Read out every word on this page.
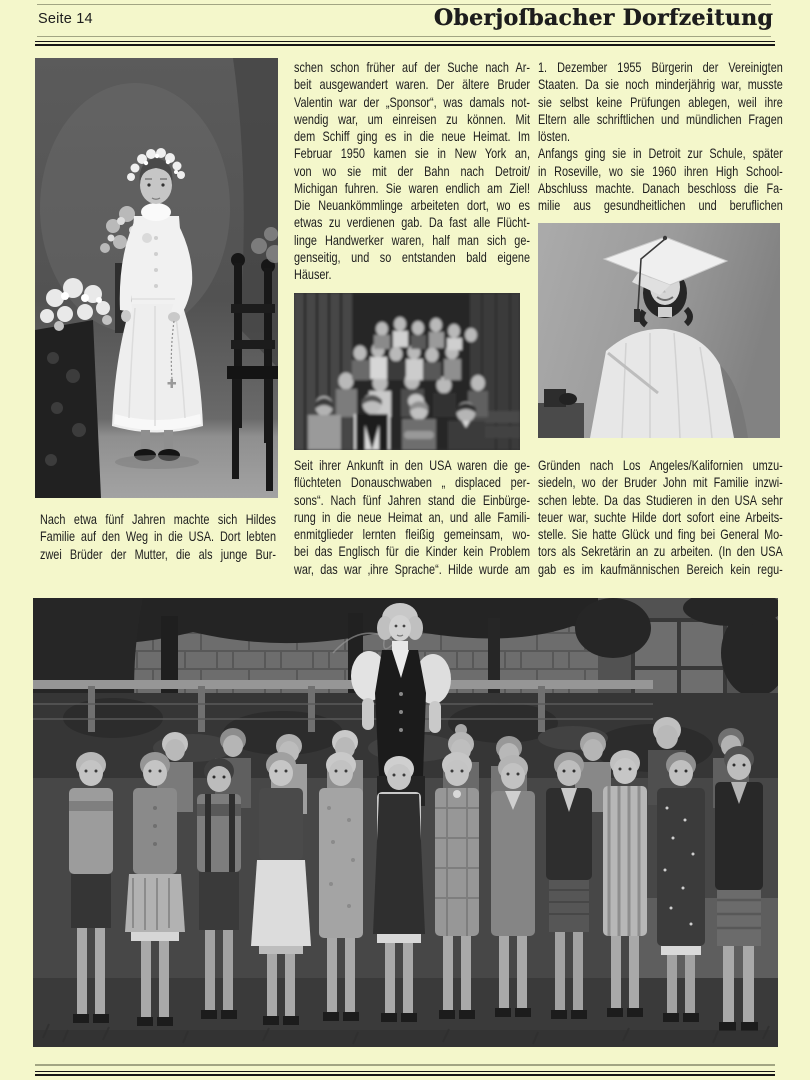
Seite 14	Oberjoſbacher Dorfzeitung
Nach etwa fünf Jahren machte sich Hildes
Familie auf den Weg in die USA. Dort lebten
zwei Brüder der Mutter, die als junge Bur-
schen schon früher auf der Suche nach Ar-
beit ausgewandert waren. Der ältere Bruder
Valentin war der „Sponsor“, was damals not-
wendig war, um einreisen zu können. Mit
dem Schiff ging es in die neue Heimat. Im
Februar 1950 kamen sie in New York an,
von wo sie mit der Bahn nach Detroit/
Michigan fuhren. Sie waren endlich am Ziel!
Die Neuankömmlinge arbeiteten dort, wo es
etwas zu verdienen gab. Da fast alle Flücht-
linge Handwerker waren, half man sich ge-
genseitig, und so entstanden bald eigene
Häuser.
Seit ihrer Ankunft in den USA waren die ge-
flüchteten Donauschwaben „ displaced per-
sons“. Nach fünf Jahren stand die Einbürge-
rung in die neue Heimat an, und alle Famili-
enmitglieder lernten fleißig gemeinsam, wo-
bei das Englisch für die Kinder kein Problem
war, das war ‚ihre Sprache“. Hilde wurde am
1. Dezember 1955 Bürgerin der Vereinigten
Staaten. Da sie noch minderjährig war, musste
sie selbst keine Prüfungen ablegen, weil ihre
Eltern alle schriftlichen und mündlichen Fragen
lösten.
Anfangs ging sie in Detroit zur Schule, später
in Roseville, wo sie 1960 ihren High School-
Abschluss machte. Danach beschloss die Fa-
milie aus gesundheitlichen und beruflichen
Gründen nach Los Angeles/Kalifornien umzu-
siedeln, wo der Bruder John mit Familie inzwi-
schen lebte. Da das Studieren in den USA sehr
teuer war, suchte Hilde dort sofort eine Arbeits-
stelle. Sie hatte Glück und fing bei General Mo-
tors als Sekretärin an zu arbeiten. (In den USA
gab es im kaufmännischen Bereich kein regu-
